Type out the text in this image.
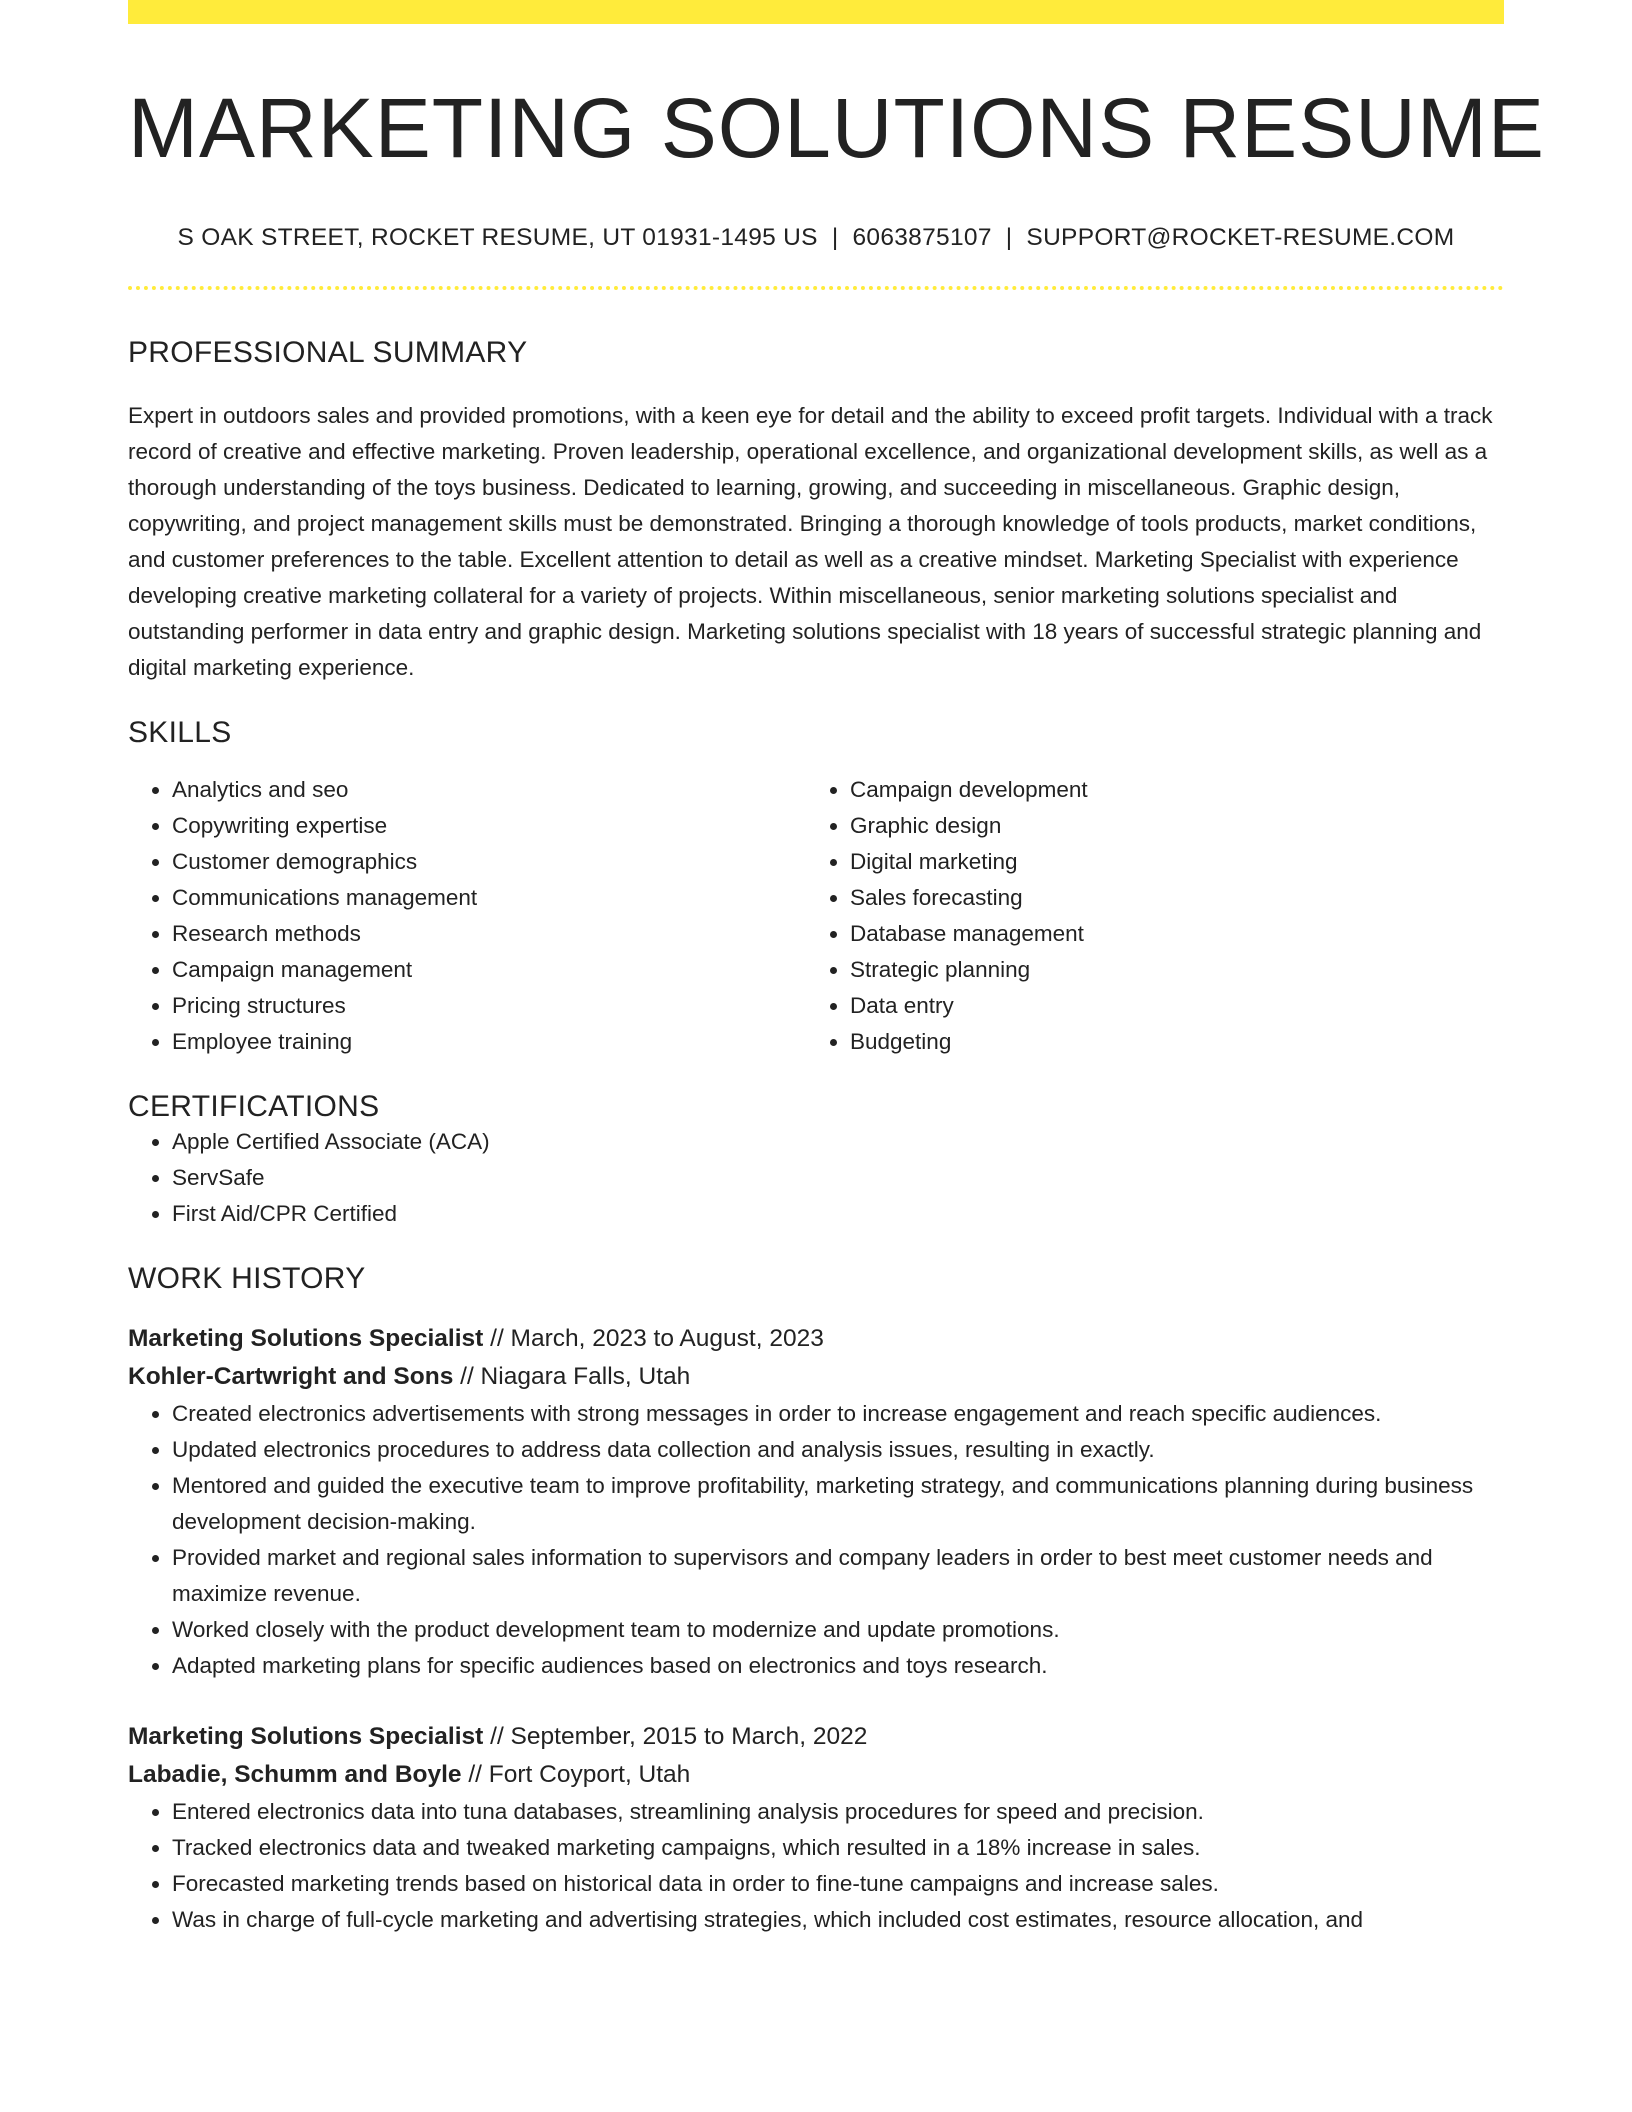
MARKETING SOLUTIONS RESUME
S OAK STREET, ROCKET RESUME, UT 01931-1495 US | 6063875107 | SUPPORT@ROCKET-RESUME.COM
PROFESSIONAL SUMMARY
Expert in outdoors sales and provided promotions, with a keen eye for detail and the ability to exceed profit targets. Individual with a track record of creative and effective marketing. Proven leadership, operational excellence, and organizational development skills, as well as a thorough understanding of the toys business. Dedicated to learning, growing, and succeeding in miscellaneous. Graphic design, copywriting, and project management skills must be demonstrated. Bringing a thorough knowledge of tools products, market conditions, and customer preferences to the table. Excellent attention to detail as well as a creative mindset. Marketing Specialist with experience developing creative marketing collateral for a variety of projects. Within miscellaneous, senior marketing solutions specialist and outstanding performer in data entry and graphic design. Marketing solutions specialist with 18 years of successful strategic planning and digital marketing experience.
SKILLS
• Analytics and seo
• Copywriting expertise
• Customer demographics
• Communications management
• Research methods
• Campaign management
• Pricing structures
• Employee training
• Campaign development
• Graphic design
• Digital marketing
• Sales forecasting
• Database management
• Strategic planning
• Data entry
• Budgeting
CERTIFICATIONS
• Apple Certified Associate (ACA)
• ServSafe
• First Aid/CPR Certified
WORK HISTORY
Marketing Solutions Specialist // March, 2023 to August, 2023
Kohler-Cartwright and Sons // Niagara Falls, Utah
• Created electronics advertisements with strong messages in order to increase engagement and reach specific audiences.
• Updated electronics procedures to address data collection and analysis issues, resulting in exactly.
• Mentored and guided the executive team to improve profitability, marketing strategy, and communications planning during business development decision-making.
• Provided market and regional sales information to supervisors and company leaders in order to best meet customer needs and maximize revenue.
• Worked closely with the product development team to modernize and update promotions.
• Adapted marketing plans for specific audiences based on electronics and toys research.
Marketing Solutions Specialist // September, 2015 to March, 2022
Labadie, Schumm and Boyle // Fort Coyport, Utah
• Entered electronics data into tuna databases, streamlining analysis procedures for speed and precision.
• Tracked electronics data and tweaked marketing campaigns, which resulted in a 18% increase in sales.
• Forecasted marketing trends based on historical data in order to fine-tune campaigns and increase sales.
• Was in charge of full-cycle marketing and advertising strategies, which included cost estimates, resource allocation, and
